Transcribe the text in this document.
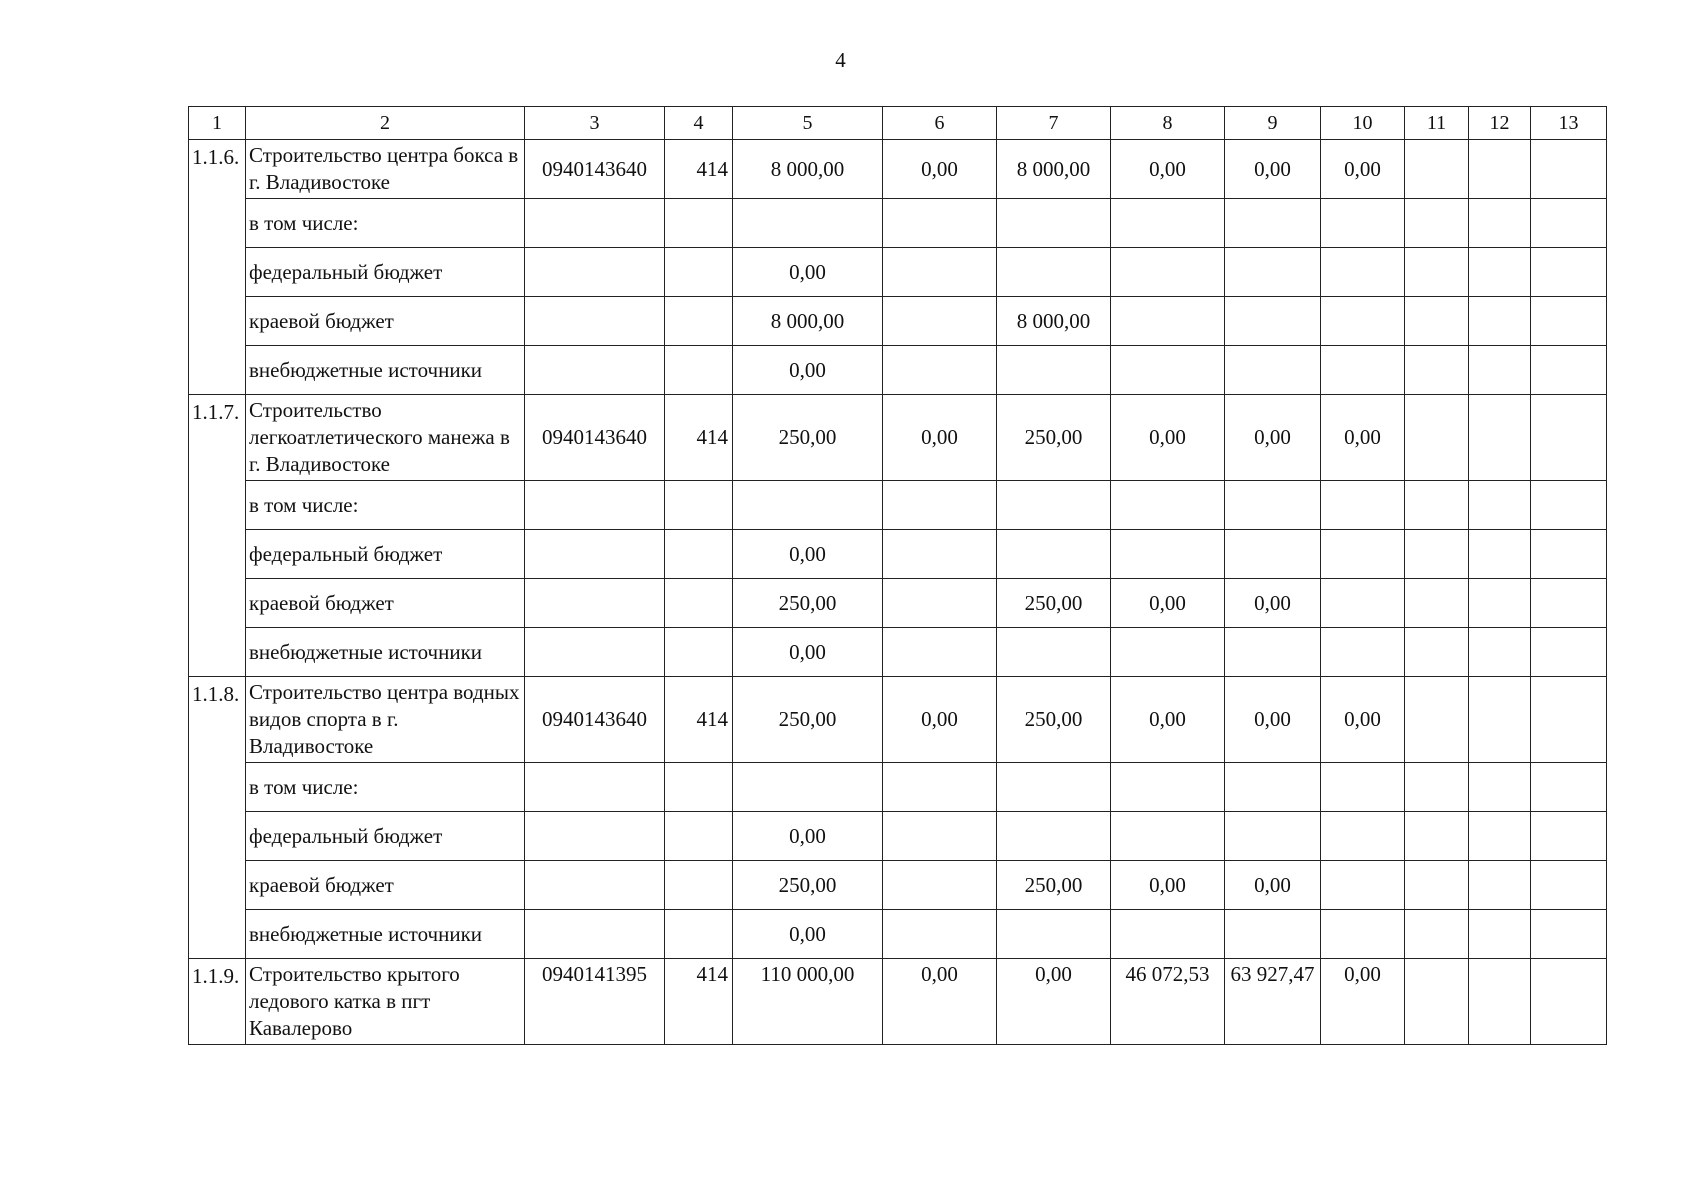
4
1	2	3	4	5	6	7	8	9	10	11	12	13
1.1.6.	Строительство центра бокса в г. Владивостоке	0940143640	414	8 000,00	0,00	8 000,00	0,00	0,00	0,00			
	в том числе:											
	федеральный бюджет			0,00								
	краевой бюджет			8 000,00		8 000,00						
	внебюджетные источники			0,00								
1.1.7.	Строительство легкоатлетического манежа в г. Владивостоке	0940143640	414	250,00	0,00	250,00	0,00	0,00	0,00			
	в том числе:											
	федеральный бюджет			0,00								
	краевой бюджет			250,00		250,00	0,00	0,00				
	внебюджетные источники			0,00								
1.1.8.	Строительство центра водных видов спорта в г. Владивостоке	0940143640	414	250,00	0,00	250,00	0,00	0,00	0,00			
	в том числе:											
	федеральный бюджет			0,00								
	краевой бюджет			250,00		250,00	0,00	0,00				
	внебюджетные источники			0,00								
1.1.9.	Строительство крытого ледового катка в пгт Кавалерово	0940141395	414	110 000,00	0,00	0,00	46 072,53	63 927,47	0,00			
